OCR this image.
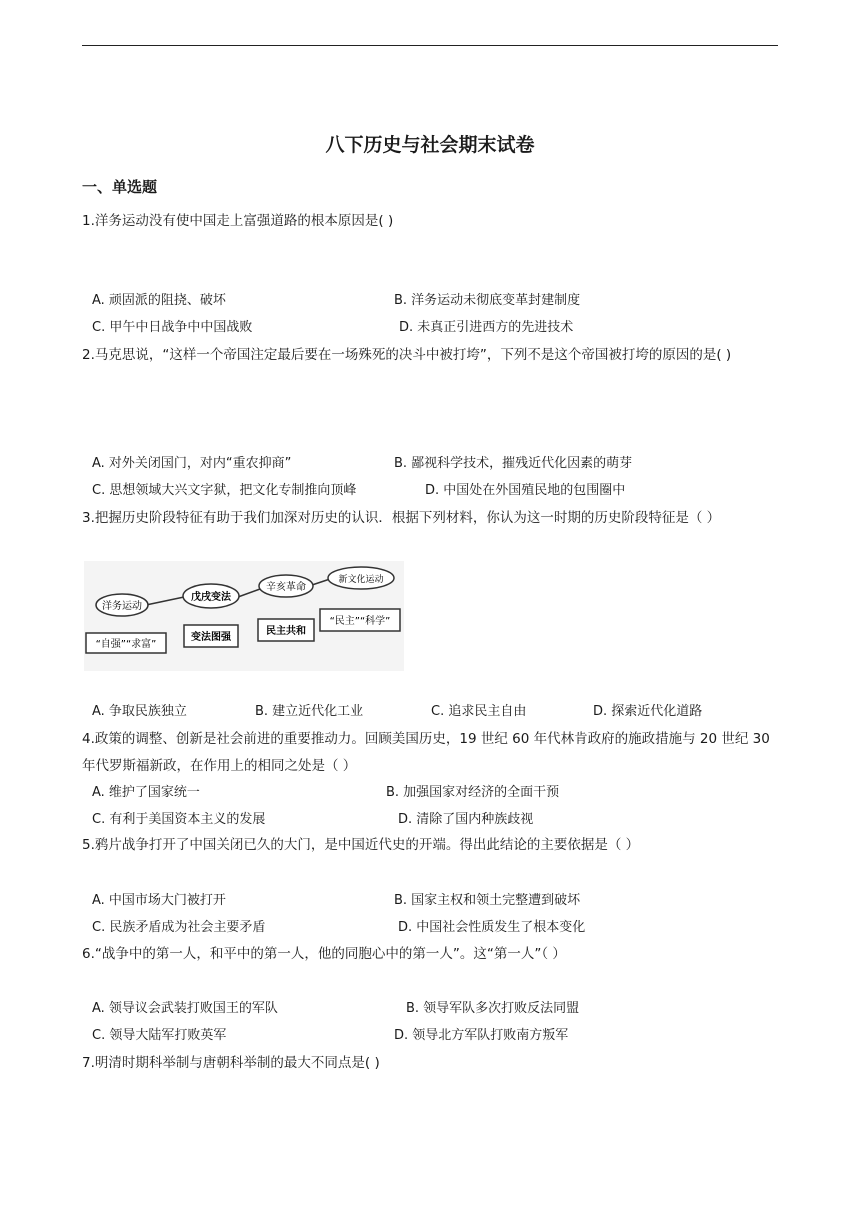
八下历史与社会期末试卷
一、单选题
1.洋务运动没有使中国走上富强道路的根本原因是( )
A. 顽固派的阻挠、破坏	B. 洋务运动未彻底变革封建制度
C. 甲午中日战争中中国战败	D. 未真正引进西方的先进技术
2.马克思说，“这样一个帝国注定最后要在一场殊死的决斗中被打垮”，下列不是这个帝国被打垮的原因的是( )
A. 对外关闭国门，对内“重农抑商”	B. 鄙视科学技术，摧残近代化因素的萌芽
C. 思想领域大兴文字狱，把文化专制推向顶峰	D. 中国处在外国殖民地的包围圈中
3.把握历史阶段特征有助于我们加深对历史的认识．根据下列材料，你认为这一时期的历史阶段特征是（ ）
洋务运动
戊戌变法
辛亥革命
新文化运动
“自强”“求富”
变法图强
民主共和
“民主”“科学”
A. 争取民族独立	B. 建立近代化工业	C. 追求民主自由	D. 探索近代化道路
4.政策的调整、创新是社会前进的重要推动力。回顾美国历史，19 世纪 60 年代林肯政府的施政措施与 20 世纪 30 年代罗斯福新政，在作用上的相同之处是（ ）
A. 维护了国家统一	B. 加强国家对经济的全面干预
C. 有利于美国资本主义的发展	D. 清除了国内种族歧视
5.鸦片战争打开了中国关闭已久的大门，是中国近代史的开端。得出此结论的主要依据是（ ）
A. 中国市场大门被打开	B. 国家主权和领土完整遭到破坏
C. 民族矛盾成为社会主要矛盾	D. 中国社会性质发生了根本变化
6.“战争中的第一人，和平中的第一人，他的同胞心中的第一人”。这“第一人”（ ）
A. 领导议会武装打败国王的军队	B. 领导军队多次打败反法同盟
C. 领导大陆军打败英军	D. 领导北方军队打败南方叛军
7.明清时期科举制与唐朝科举制的最大不同点是( )
